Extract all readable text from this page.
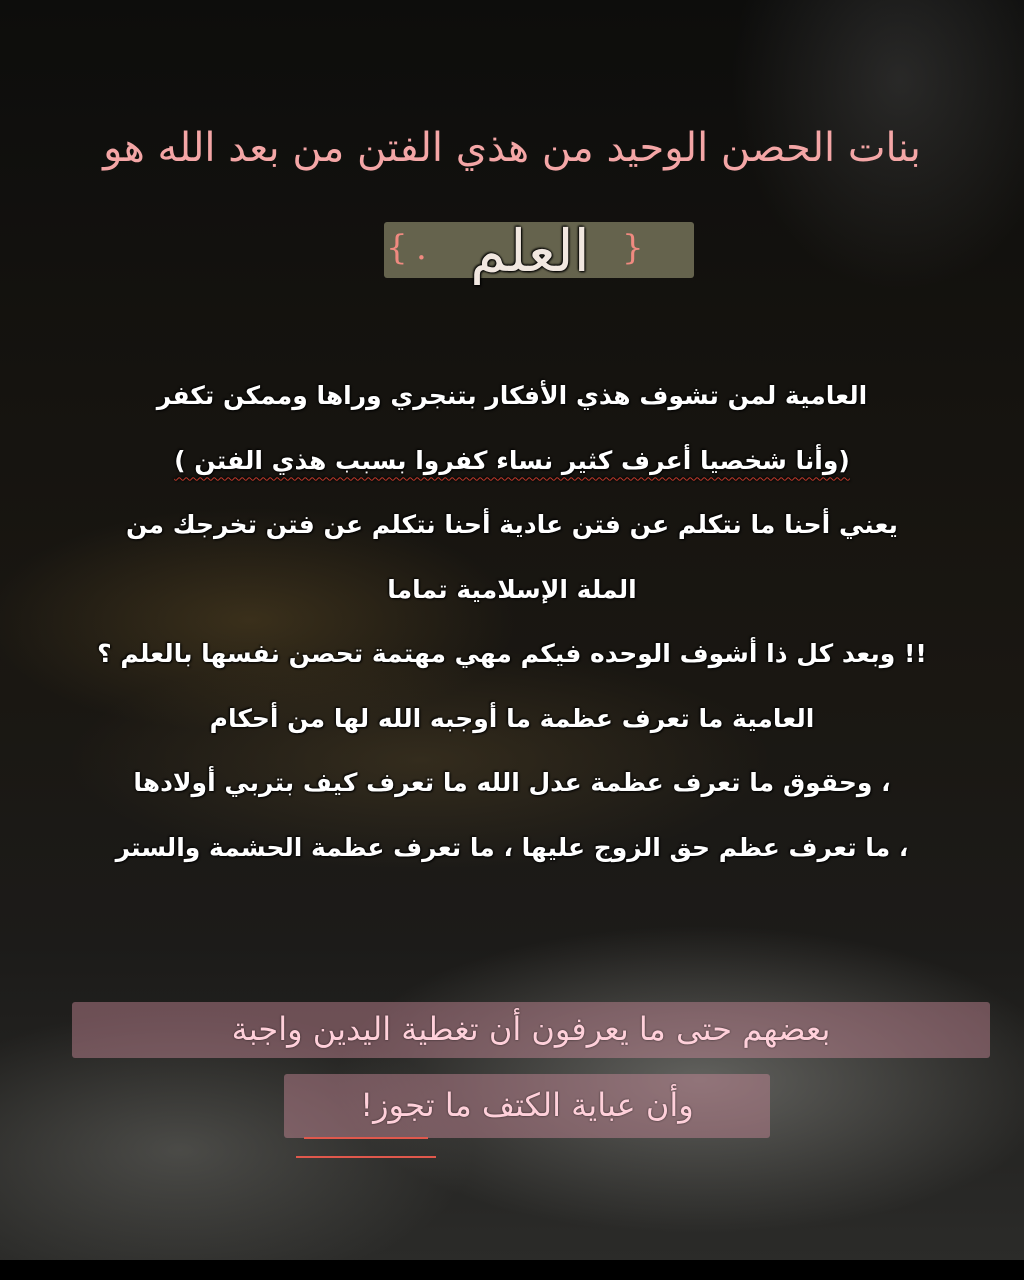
بنات الحصن الوحيد من هذي الفتن من بعد الله هو
}
العلم
.
{
العامية لمن تشوف هذي الأفكار بتنجري وراها وممكن تكفر
(وأنا شخصيا أعرف كثير نساء كفروا بسبب هذي الفتن )
يعني أحنا ما نتكلم عن فتن عادية أحنا نتكلم عن فتن تخرجك من
الملة الإسلامية تماما
!! وبعد كل ذا أشوف الوحده فيكم مهي مهتمة تحصن نفسها بالعلم ؟
العامية ما تعرف عظمة ما أوجبه الله لها من أحكام
، وحقوق ما تعرف عظمة عدل الله ما تعرف كيف بتربي أولادها
، ما تعرف عظم حق الزوج عليها ، ما تعرف عظمة الحشمة والستر
بعضهم حتى ما يعرفون أن تغطية اليدين واجبة
وأن عباية الكتف ما تجوز!
